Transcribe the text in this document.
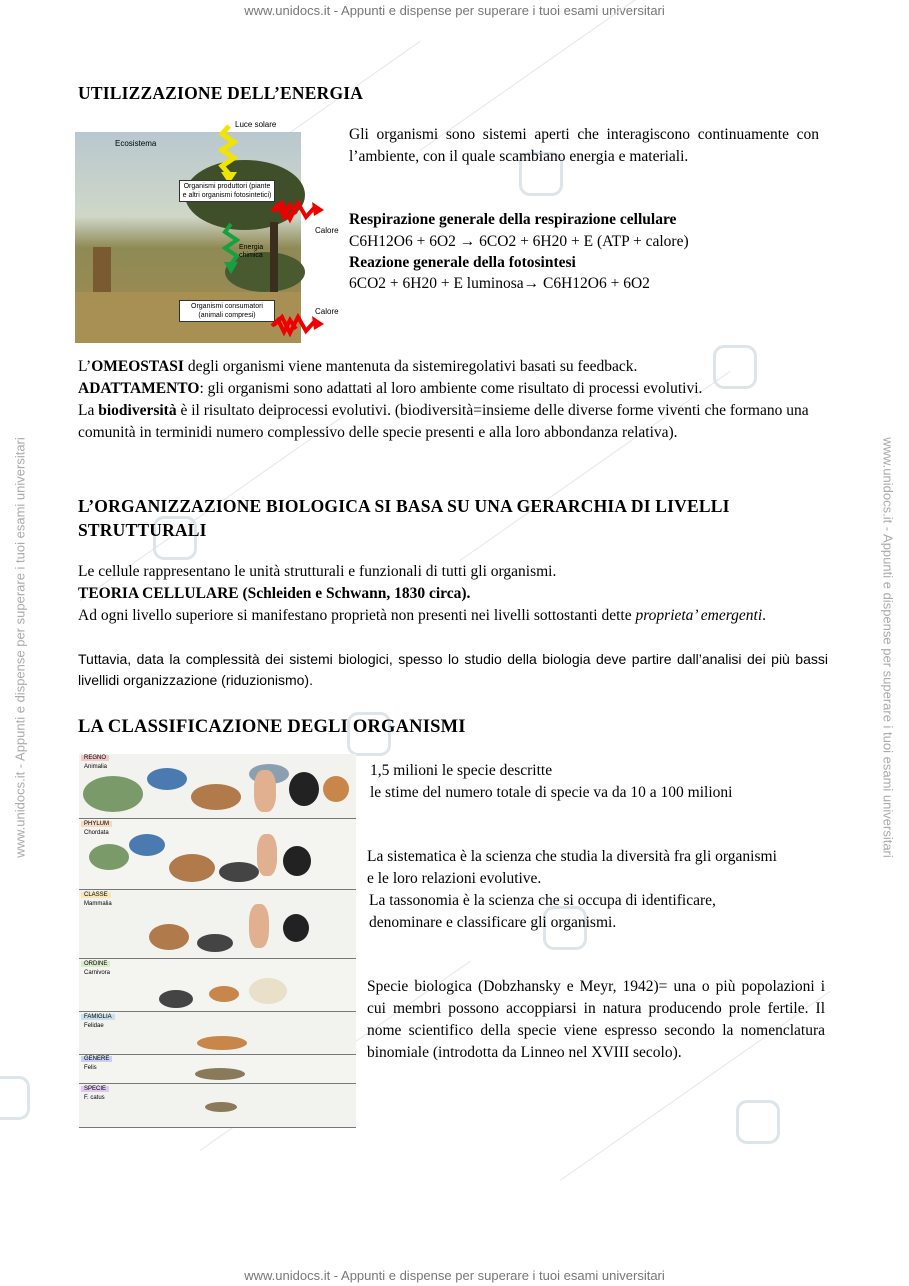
www.unidocs.it - Appunti e dispense per superare i tuoi esami universitari
www.unidocs.it - Appunti e dispense per superare i tuoi esami universitari
www.unidocs.it - Appunti e dispense per superare i tuoi esami universitari	www.unidocs.it - Appunti e dispense per superare i tuoi esami universitari
UTILIZZAZIONE DELL’ENERGIA
Luce solare
Ecosistema
Organismi produttori (piante e altri organismi fotosintetici)
Energia chimica
Organismi consumatori (animali compresi)
Calore
Calore
Gli organismi sono sistemi aperti che interagiscono continuamente con l’ambiente, con il quale scambiano energia e materiali.
Respirazione generale della respirazione cellulare
C6H12O6 + 6O2 → 6CO2 + 6H20 + E (ATP + calore)
Reazione generale della fotosintesi
6CO2 + 6H20 + E luminosa→ C6H12O6 + 6O2
L’OMEOSTASI degli organismi viene mantenuta da sistemiregolativi basati su feedback.
ADATTAMENTO: gli organismi sono adattati al loro ambiente come risultato di processi evolutivi.
La biodiversità è il risultato deiprocessi evolutivi. (biodiversità=insieme delle diverse forme viventi che formano una comunità in terminidi numero complessivo delle specie presenti e alla loro abbondanza relativa).
L’ORGANIZZAZIONE BIOLOGICA SI BASA SU UNA GERARCHIA DI LIVELLI STRUTTURALI
Le cellule rappresentano le unità strutturali e funzionali di tutti gli organismi.
TEORIA CELLULARE (Schleiden e Schwann, 1830 circa).
Ad ogni livello superiore si manifestano proprietà non presenti nei livelli sottostanti dette proprieta’ emergenti.
Tuttavia, data la complessità dei sistemi biologici, spesso lo studio della biologia deve partire dall’analisi dei più bassi livellidi organizzazione (riduzionismo).
LA CLASSIFICAZIONE DEGLI ORGANISMI
REGNO
Animalia
PHYLUM
Chordata
CLASSE
Mammalia
ORDINE
Carnivora
FAMIGLIA
Felidae
GENERE
Felis
SPECIE
F. catus
1,5 milioni le specie descritte
le stime del numero totale di specie va da 10 a 100 milioni
La sistematica è la scienza che studia la diversità fra gli organismi e le loro relazioni evolutive.
La tassonomia è la scienza che si occupa di identificare, denominare e classificare gli organismi.
Specie biologica (Dobzhansky e Meyr, 1942)= una o più popolazioni i cui membri possono accoppiarsi in natura producendo prole fertile. Il nome scientifico della specie viene espresso secondo la nomenclatura binomiale (introdotta da Linneo nel XVIII secolo).
